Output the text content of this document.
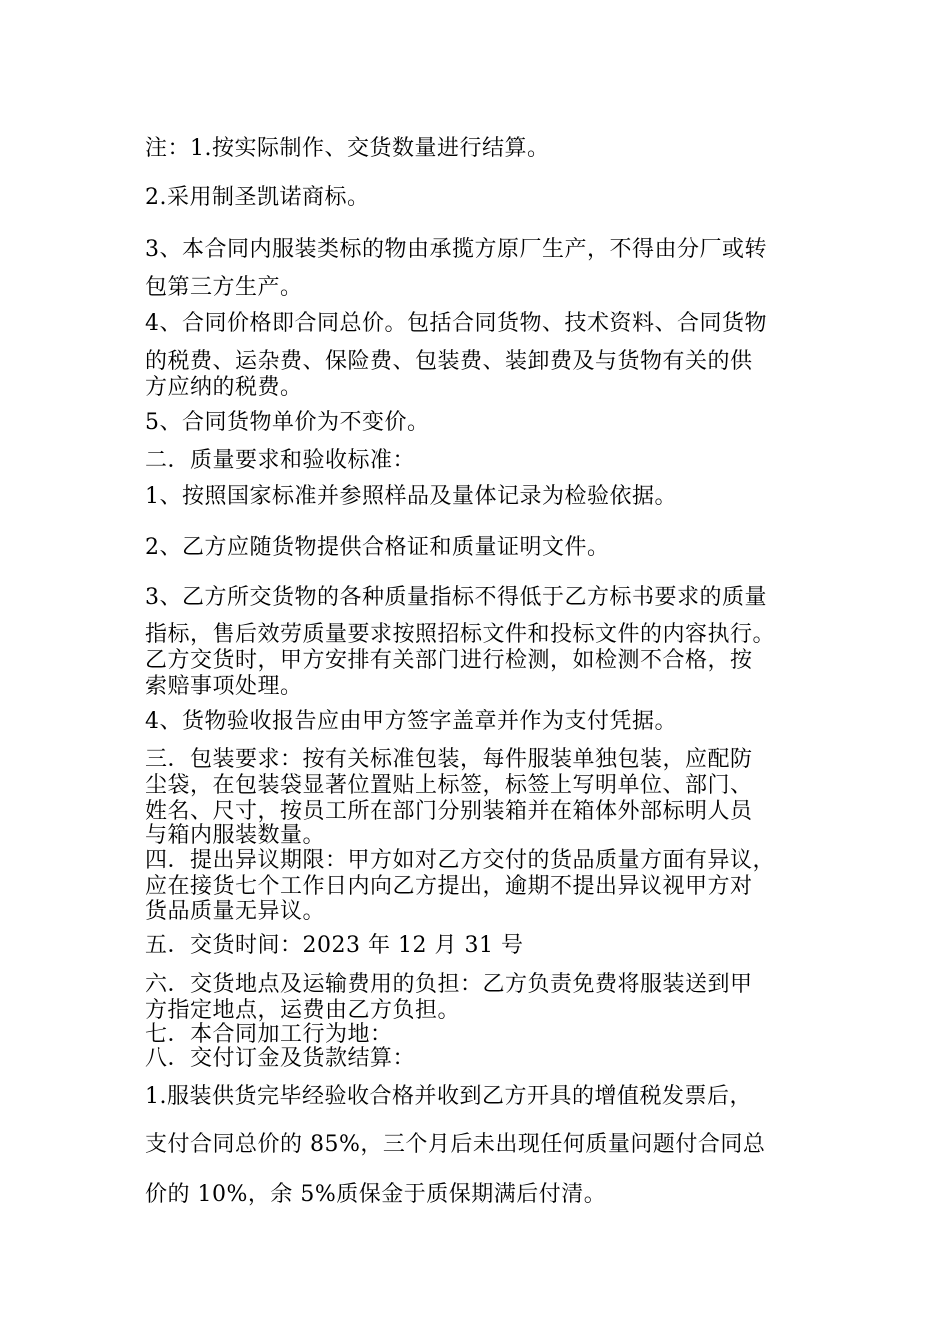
注：1.按实际制作、交货数量进行结算。
2.采用制圣凯诺商标。
3、本合同内服装类标的物由承揽方原厂生产，不得由分厂或转
包第三方生产。
4、合同价格即合同总价。包括合同货物、技术资料、合同货物
的税费、运杂费、保险费、包装费、装卸费及与货物有关的供
方应纳的税费。
5、合同货物单价为不变价。
二．质量要求和验收标准：
1、按照国家标准并参照样品及量体记录为检验依据。
2、乙方应随货物提供合格证和质量证明文件。
3、乙方所交货物的各种质量指标不得低于乙方标书要求的质量
指标，售后效劳质量要求按照招标文件和投标文件的内容执行。
乙方交货时，甲方安排有关部门进行检测，如检测不合格，按
索赔事项处理。
4、货物验收报告应由甲方签字盖章并作为支付凭据。
三．包装要求：按有关标准包装，每件服装单独包装，应配防
尘袋，在包装袋显著位置贴上标签，标签上写明单位、部门、
姓名、尺寸，按员工所在部门分别装箱并在箱体外部标明人员
与箱内服装数量。
四．提出异议期限：甲方如对乙方交付的货品质量方面有异议，
应在接货七个工作日内向乙方提出，逾期不提出异议视甲方对
货品质量无异议。
五．交货时间：2023 年 12 月 31 号
六．交货地点及运输费用的负担：乙方负责免费将服装送到甲
方指定地点，运费由乙方负担。
七．本合同加工行为地：
八．交付订金及货款结算：
1.服装供货完毕经验收合格并收到乙方开具的增值税发票后，
支付合同总价的 85%，三个月后未出现任何质量问题付合同总
价的 10%，余 5%质保金于质保期满后付清。
